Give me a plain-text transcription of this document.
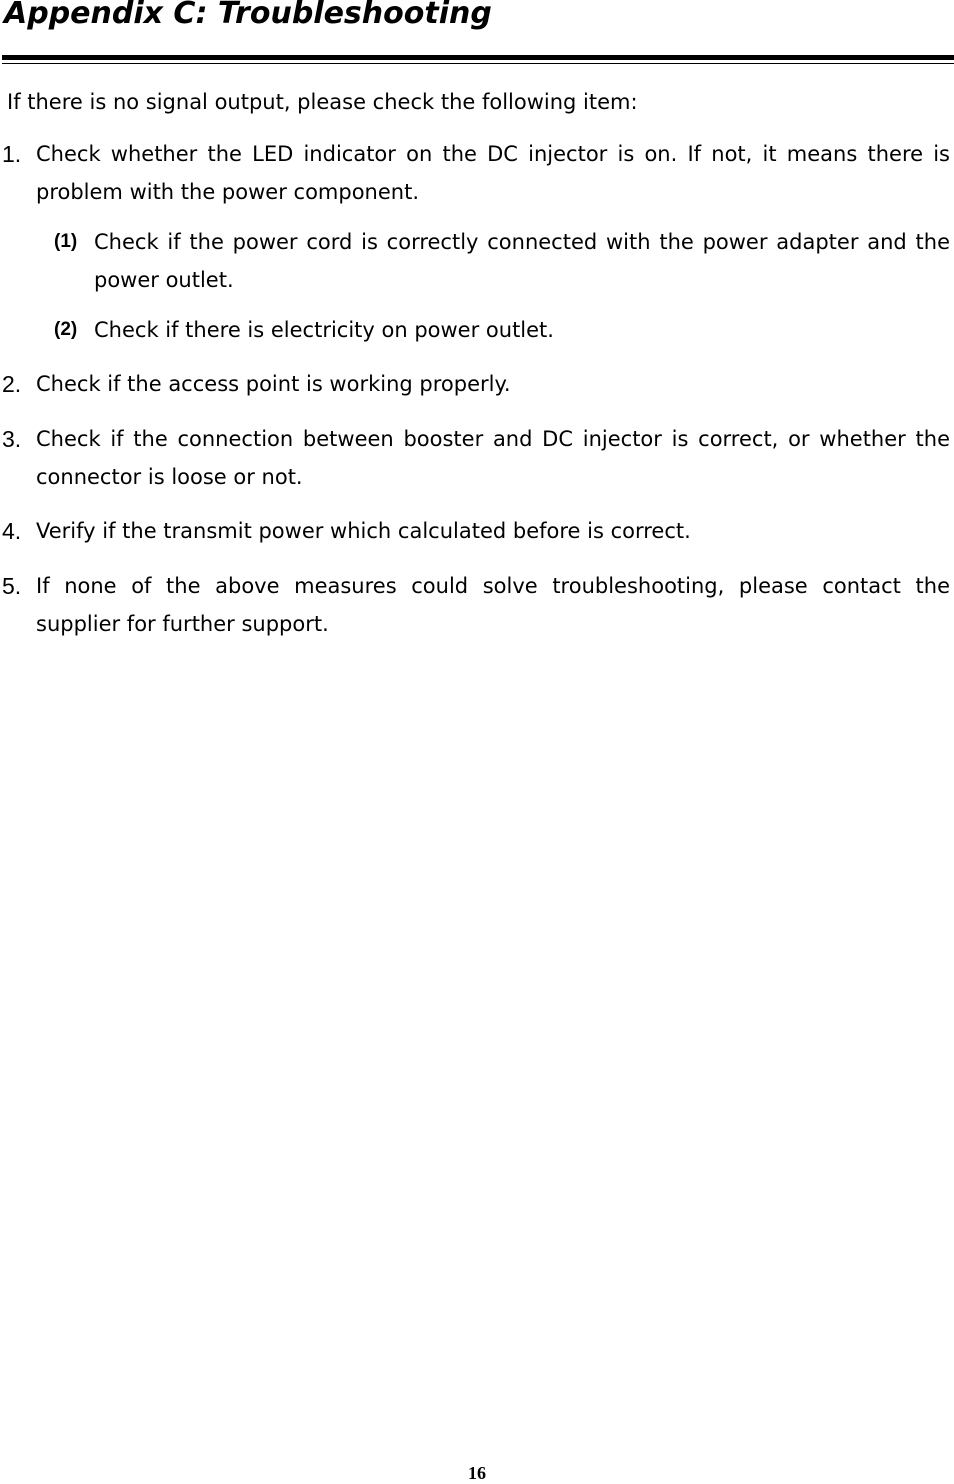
Appendix C: Troubleshooting
If there is no signal output, please check the following item:
1. Check whether the LED indicator on the DC injector is on. If not, it means there is problem with the power component.
(1) Check if the power cord is correctly connected with the power adapter and the power outlet.
(2) Check if there is electricity on power outlet.
2. Check if the access point is working properly.
3. Check if the connection between booster and DC injector is correct, or whether the connector is loose or not.
4. Verify if the transmit power which calculated before is correct.
5. If none of the above measures could solve troubleshooting, please contact the supplier for further support.
16
